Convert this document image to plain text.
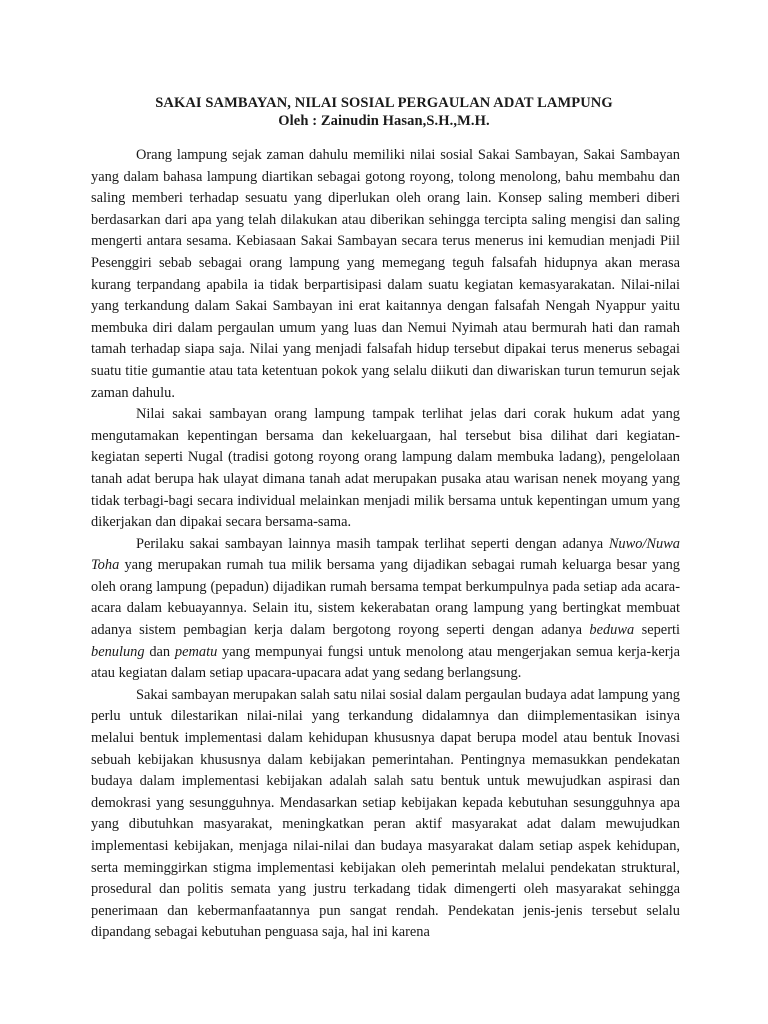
SAKAI SAMBAYAN, NILAI SOSIAL PERGAULAN ADAT LAMPUNG
Oleh : Zainudin Hasan,S.H.,M.H.

Orang lampung sejak zaman dahulu memiliki nilai sosial Sakai Sambayan, Sakai Sambayan yang dalam bahasa lampung diartikan sebagai gotong royong, tolong menolong, bahu membahu dan saling memberi terhadap sesuatu yang diperlukan oleh orang lain. Konsep saling memberi diberi berdasarkan dari apa yang telah dilakukan atau diberikan sehingga tercipta saling mengisi dan saling mengerti antara sesama. Kebiasaan Sakai Sambayan secara terus menerus ini kemudian menjadi Piil Pesenggiri sebab sebagai orang lampung yang memegang teguh falsafah hidupnya akan merasa kurang terpandang apabila ia tidak berpartisipasi dalam suatu kegiatan kemasyarakatan. Nilai-nilai yang terkandung dalam Sakai Sambayan ini erat kaitannya dengan falsafah Nengah Nyappur yaitu membuka diri dalam pergaulan umum yang luas dan Nemui Nyimah atau bermurah hati dan ramah tamah terhadap siapa saja. Nilai yang menjadi falsafah hidup tersebut dipakai terus menerus sebagai suatu titie gumantie atau tata ketentuan pokok yang selalu diikuti dan diwariskan turun temurun sejak zaman dahulu.

Nilai sakai sambayan orang lampung tampak terlihat jelas dari corak hukum adat yang mengutamakan kepentingan bersama dan kekeluargaan, hal tersebut bisa dilihat dari kegiatan-kegiatan seperti Nugal (tradisi gotong royong orang lampung dalam membuka ladang), pengelolaan tanah adat berupa hak ulayat dimana tanah adat merupakan pusaka atau warisan nenek moyang yang tidak terbagi-bagi secara individual melainkan menjadi milik bersama untuk kepentingan umum yang dikerjakan dan dipakai secara bersama-sama.

Perilaku sakai sambayan lainnya masih tampak terlihat seperti dengan adanya Nuwo/Nuwa Toha yang merupakan rumah tua milik bersama yang dijadikan sebagai rumah keluarga besar yang oleh orang lampung (pepadun) dijadikan rumah bersama tempat berkumpulnya pada setiap ada acara-acara dalam kebuayannya. Selain itu, sistem kekerabatan orang lampung yang bertingkat membuat adanya sistem pembagian kerja dalam bergotong royong seperti dengan adanya beduwa seperti benulung dan pematu yang mempunyai fungsi untuk menolong atau mengerjakan semua kerja-kerja atau kegiatan dalam setiap upacara-upacara adat yang sedang berlangsung.

Sakai sambayan merupakan salah satu nilai sosial dalam pergaulan budaya adat lampung yang perlu untuk dilestarikan nilai-nilai yang terkandung didalamnya dan diimplementasikan isinya melalui bentuk implementasi dalam kehidupan khususnya dapat berupa model atau bentuk Inovasi sebuah kebijakan khususnya dalam kebijakan pemerintahan. Pentingnya memasukkan pendekatan budaya dalam implementasi kebijakan adalah salah satu bentuk untuk mewujudkan aspirasi dan demokrasi yang sesungguhnya. Mendasarkan setiap kebijakan kepada kebutuhan sesungguhnya apa yang dibutuhkan masyarakat, meningkatkan peran aktif masyarakat adat dalam mewujudkan implementasi kebijakan, menjaga nilai-nilai dan budaya masyarakat dalam setiap aspek kehidupan, serta meminggirkan stigma implementasi kebijakan oleh pemerintah melalui pendekatan struktural, prosedural dan politis semata yang justru terkadang tidak dimengerti oleh masyarakat sehingga penerimaan dan kebermanfaatannya pun sangat rendah. Pendekatan jenis-jenis tersebut selalu dipandang sebagai kebutuhan penguasa saja, hal ini karena
